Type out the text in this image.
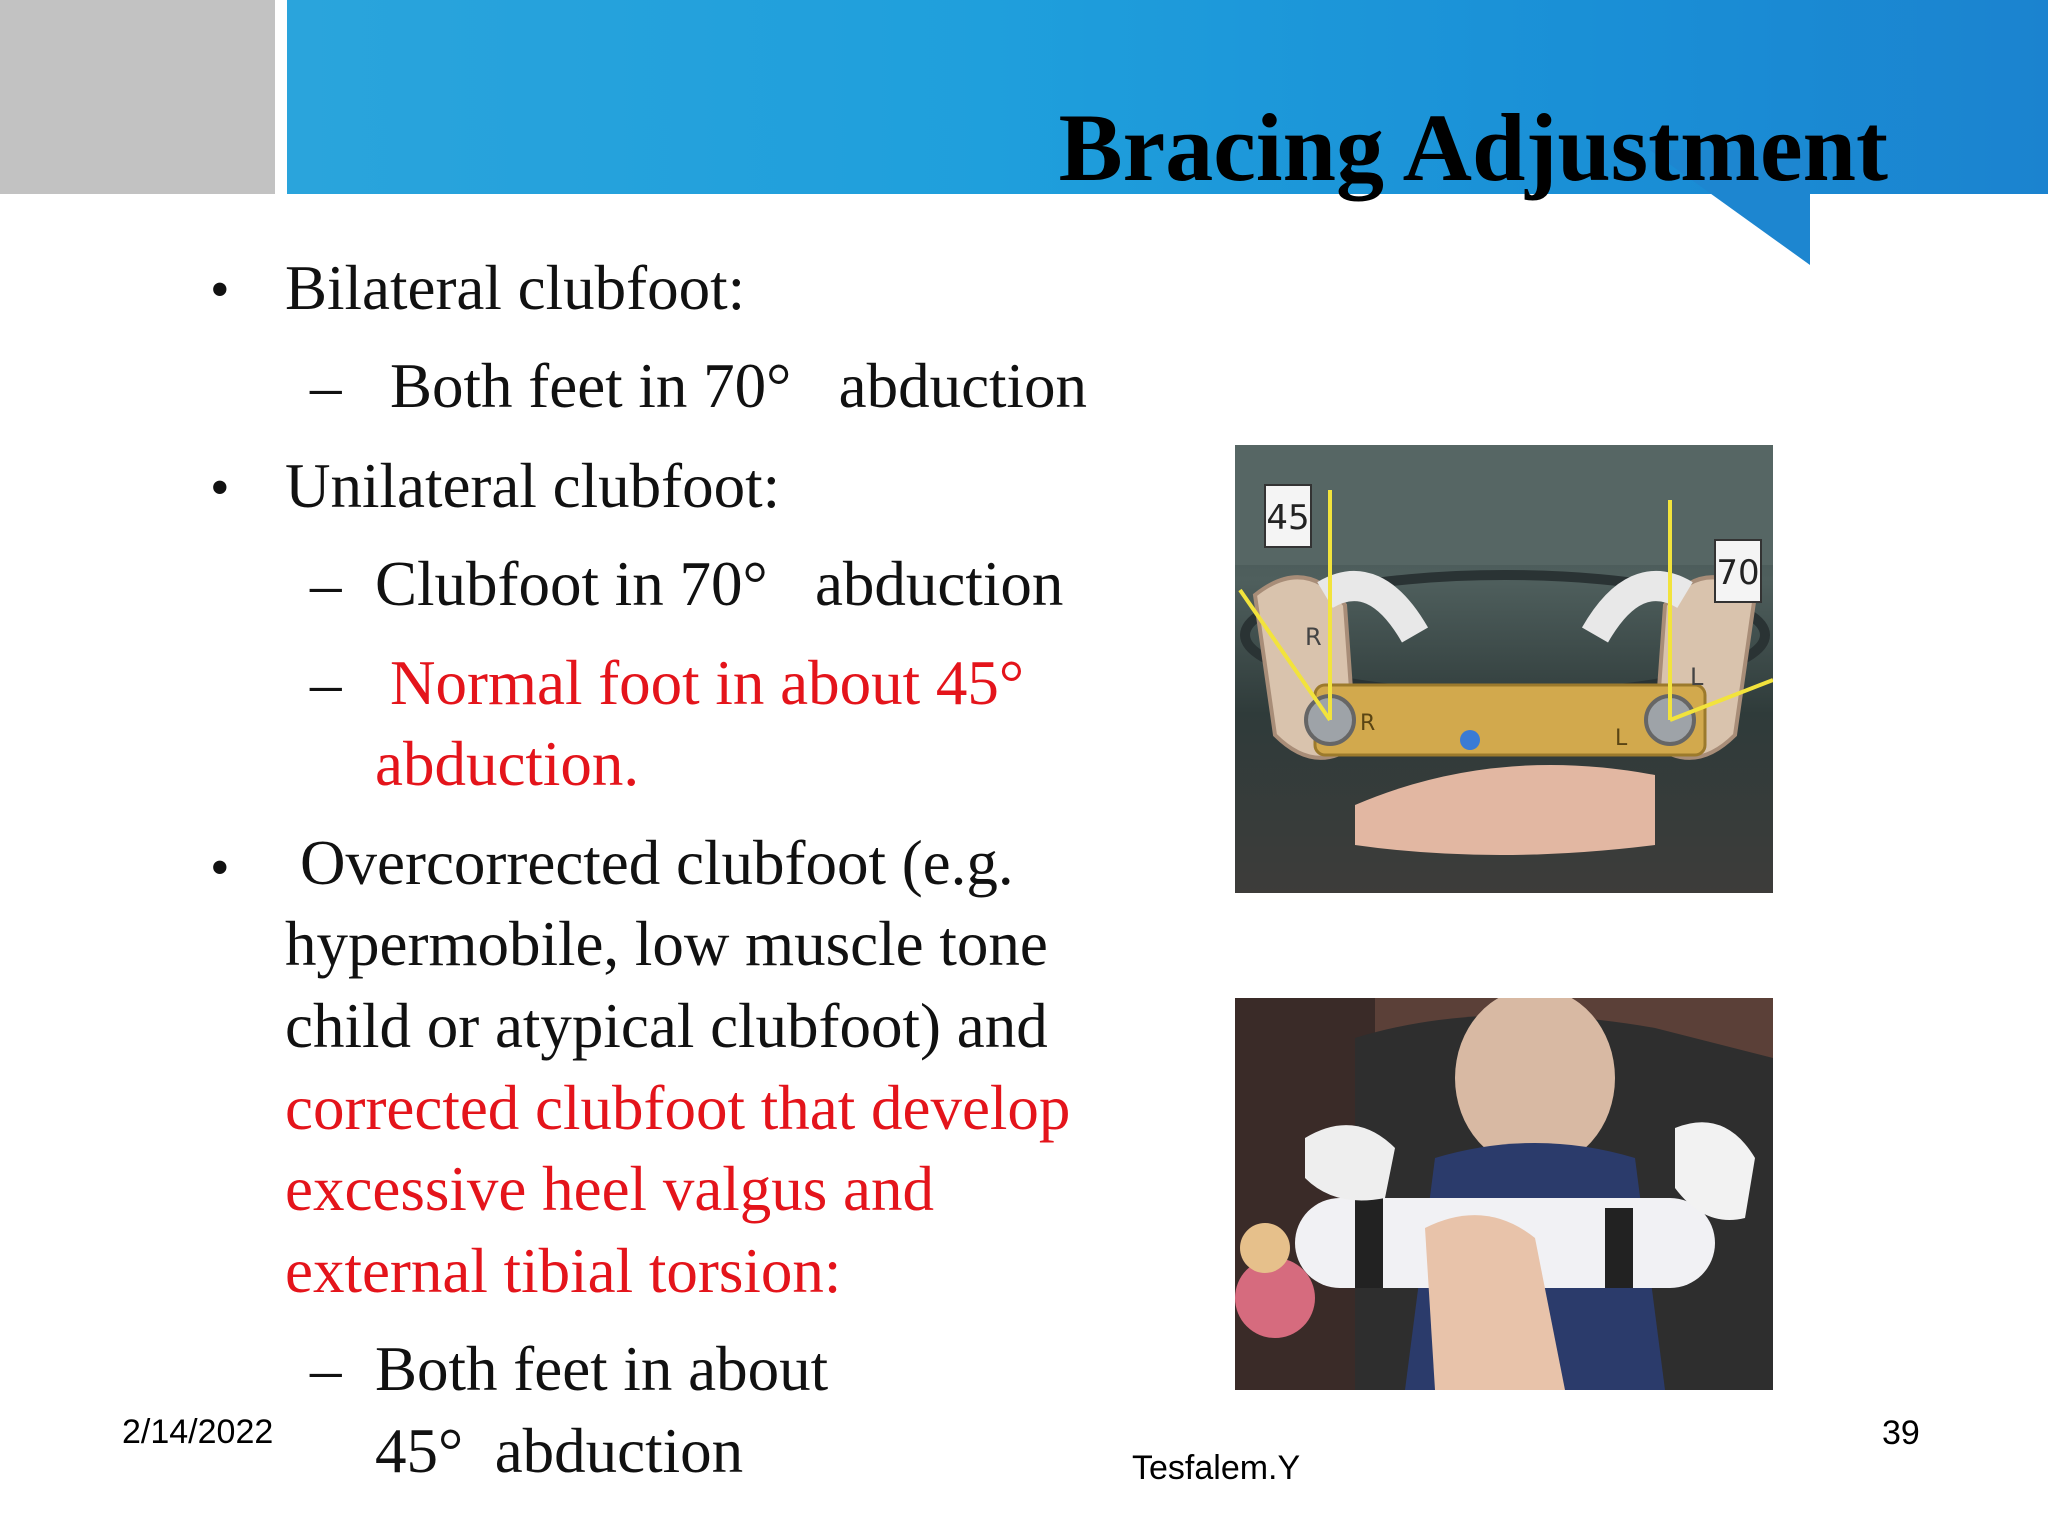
Bracing Adjustment
• Bilateral clubfoot:
– Both feet in 70°   abduction
• Unilateral clubfoot:
– Clubfoot in 70°   abduction
– Normal foot in about 45°
abduction.
• Overcorrected clubfoot (e.g.
hypermobile, low muscle tone
child or atypical clubfoot) and
corrected clubfoot that develop
excessive heel valgus and
external tibial torsion:
– Both feet in about
45°  abduction
45
70
R
L
R
L
2/14/2022
Tesfalem.Y
39
